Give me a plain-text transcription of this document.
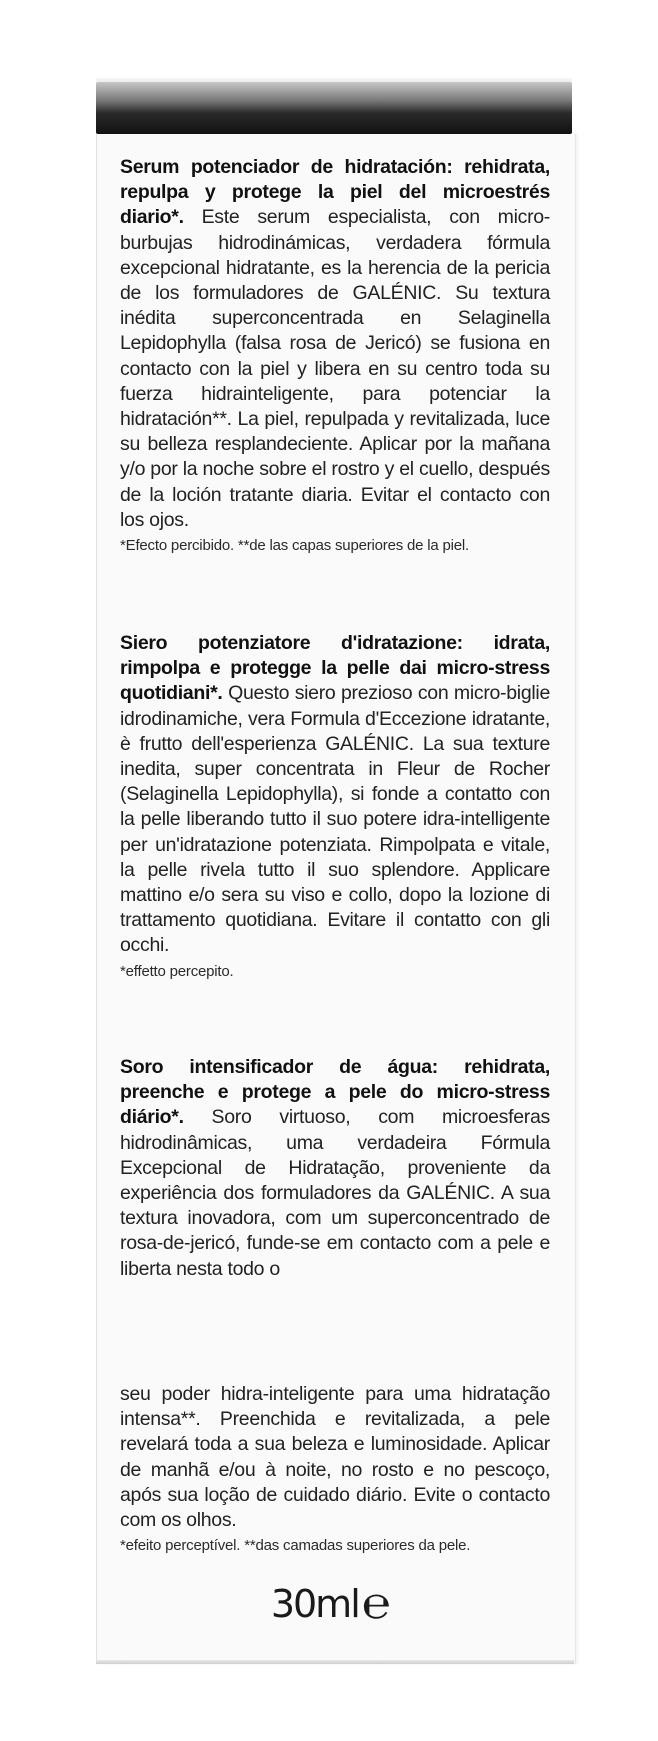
Serum potenciador de hidratación: rehidrata, repulpa y protege la piel del microestrés diario*. Este serum especialista, con micro-burbujas hidrodinámicas, verdadera fórmula excepcional hidratante, es la herencia de la pericia de los formuladores de GALÉNIC. Su textura inédita superconcentrada en Selaginella Lepidophylla (falsa rosa de Jericó) se fusiona en contacto con la piel y libera en su centro toda su fuerza hidrainteligente, para potenciar la hidratación**. La piel, repulpada y revitalizada, luce su belleza resplandeciente. Aplicar por la mañana y/o por la noche sobre el rostro y el cuello, después de la loción tratante diaria. Evitar el contacto con los ojos.
*Efecto percibido. **de las capas superiores de la piel.

Siero potenziatore d'idratazione: idrata, rimpolpa e protegge la pelle dai micro-stress quotidiani*. Questo siero prezioso con micro-biglie idrodinamiche, vera Formula d'Eccezione idratante, è frutto dell'esperienza GALÉNIC. La sua texture inedita, super concentrata in Fleur de Rocher (Selaginella Lepidophylla), si fonde a contatto con la pelle liberando tutto il suo potere idra-intelligente per un'idratazione potenziata. Rimpolpata e vitale, la pelle rivela tutto il suo splendore. Applicare mattino e/o sera su viso e collo, dopo la lozione di trattamento quotidiana. Evitare il contatto con gli occhi.
*effetto percepito.

Soro intensificador de água: rehidrata, preenche e protege a pele do micro-stress diário*. Soro virtuoso, com microesferas hidrodinâmicas, uma verdadeira Fórmula Excepcional de Hidratação, proveniente da experiência dos formuladores da GALÉNIC. A sua textura inovadora, com um superconcentrado de rosa-de-jericó, funde-se em contacto com a pele e liberta nesta todo o

seu poder hidra-inteligente para uma hidratação intensa**. Preenchida e revitalizada, a pele revelará toda a sua beleza e luminosidade. Aplicar de manhã e/ou à noite, no rosto e no pescoço, após sua loção de cuidado diário. Evite o contacto com os olhos.
*efeito perceptível. **das camadas superiores da pele.

30ml℮
